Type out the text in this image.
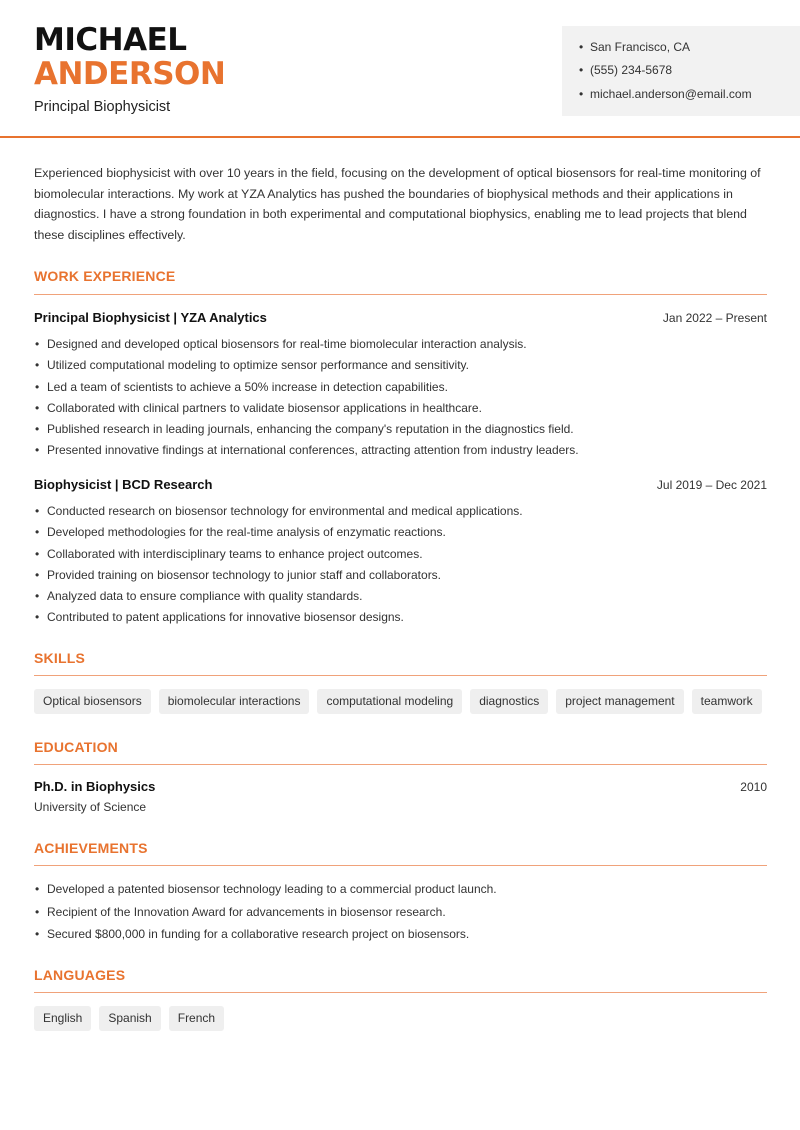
MICHAEL
ANDERSON
Principal Biophysicist
• San Francisco, CA
• (555) 234-5678
• michael.anderson@email.com

Experienced biophysicist with over 10 years in the field, focusing on the development of optical biosensors for real-time monitoring of biomolecular interactions. My work at YZA Analytics has pushed the boundaries of biophysical methods and their applications in diagnostics. I have a strong foundation in both experimental and computational biophysics, enabling me to lead projects that blend these disciplines effectively.

WORK EXPERIENCE
Principal Biophysicist | YZA Analytics	Jan 2022 – Present
• Designed and developed optical biosensors for real-time biomolecular interaction analysis.
• Utilized computational modeling to optimize sensor performance and sensitivity.
• Led a team of scientists to achieve a 50% increase in detection capabilities.
• Collaborated with clinical partners to validate biosensor applications in healthcare.
• Published research in leading journals, enhancing the company's reputation in the diagnostics field.
• Presented innovative findings at international conferences, attracting attention from industry leaders.
Biophysicist | BCD Research	Jul 2019 – Dec 2021
• Conducted research on biosensor technology for environmental and medical applications.
• Developed methodologies for the real-time analysis of enzymatic reactions.
• Collaborated with interdisciplinary teams to enhance project outcomes.
• Provided training on biosensor technology to junior staff and collaborators.
• Analyzed data to ensure compliance with quality standards.
• Contributed to patent applications for innovative biosensor designs.
SKILLS
Optical biosensors	biomolecular interactions	computational modeling	diagnostics	project management	teamwork
EDUCATION
Ph.D. in Biophysics	2010
University of Science
ACHIEVEMENTS
• Developed a patented biosensor technology leading to a commercial product launch.
• Recipient of the Innovation Award for advancements in biosensor research.
• Secured $800,000 in funding for a collaborative research project on biosensors.
LANGUAGES
English	Spanish	French
